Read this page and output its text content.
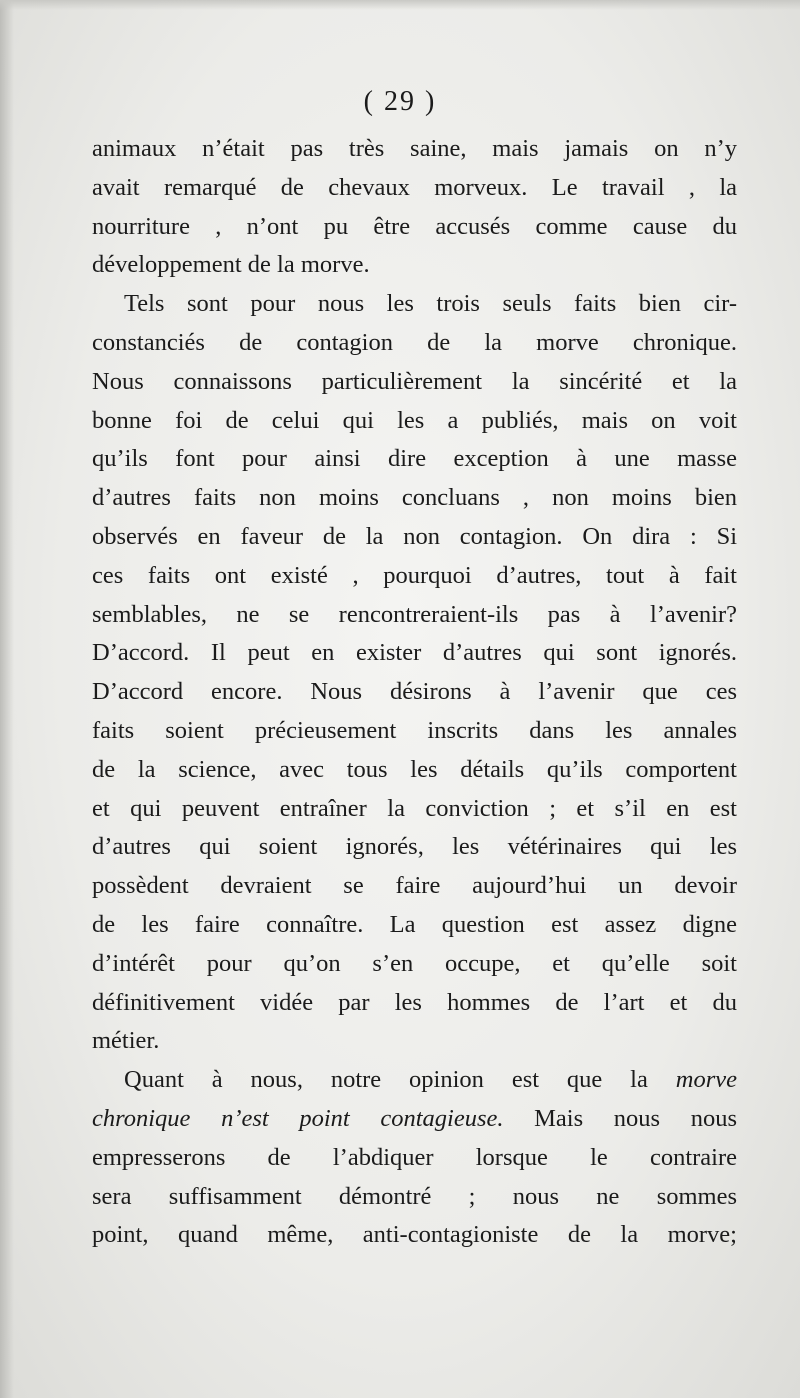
( 29 )
animaux n’était pas très saine, mais jamais on n’y
avait remarqué de chevaux morveux. Le travail , la
nourriture , n’ont pu être accusés comme cause du
développement de la morve.
Tels sont pour nous les trois seuls faits bien cir-
constanciés de contagion de la morve chronique.
Nous connaissons particulièrement la sincérité et la
bonne foi de celui qui les a publiés, mais on voit
qu’ils font pour ainsi dire exception à une masse
d’autres faits non moins concluans , non moins bien
observés en faveur de la non contagion. On dira : Si
ces faits ont existé , pourquoi d’autres, tout à fait
semblables, ne se rencontreraient-ils pas à l’avenir?
D’accord. Il peut en exister d’autres qui sont ignorés.
D’accord encore. Nous désirons à l’avenir que ces
faits soient précieusement inscrits dans les annales
de la science, avec tous les détails qu’ils comportent
et qui peuvent entraîner la conviction ; et s’il en est
d’autres qui soient ignorés, les vétérinaires qui les
possèdent devraient se faire aujourd’hui un devoir
de les faire connaître. La question est assez digne
d’intérêt pour qu’on s’en occupe, et qu’elle soit
définitivement vidée par les hommes de l’art et du
métier.
Quant à nous, notre opinion est que la morve
chronique n’est point contagieuse. Mais nous nous
empresserons de l’abdiquer lorsque le contraire
sera suffisamment démontré ; nous ne sommes
point, quand même, anti-contagioniste de la morve;
